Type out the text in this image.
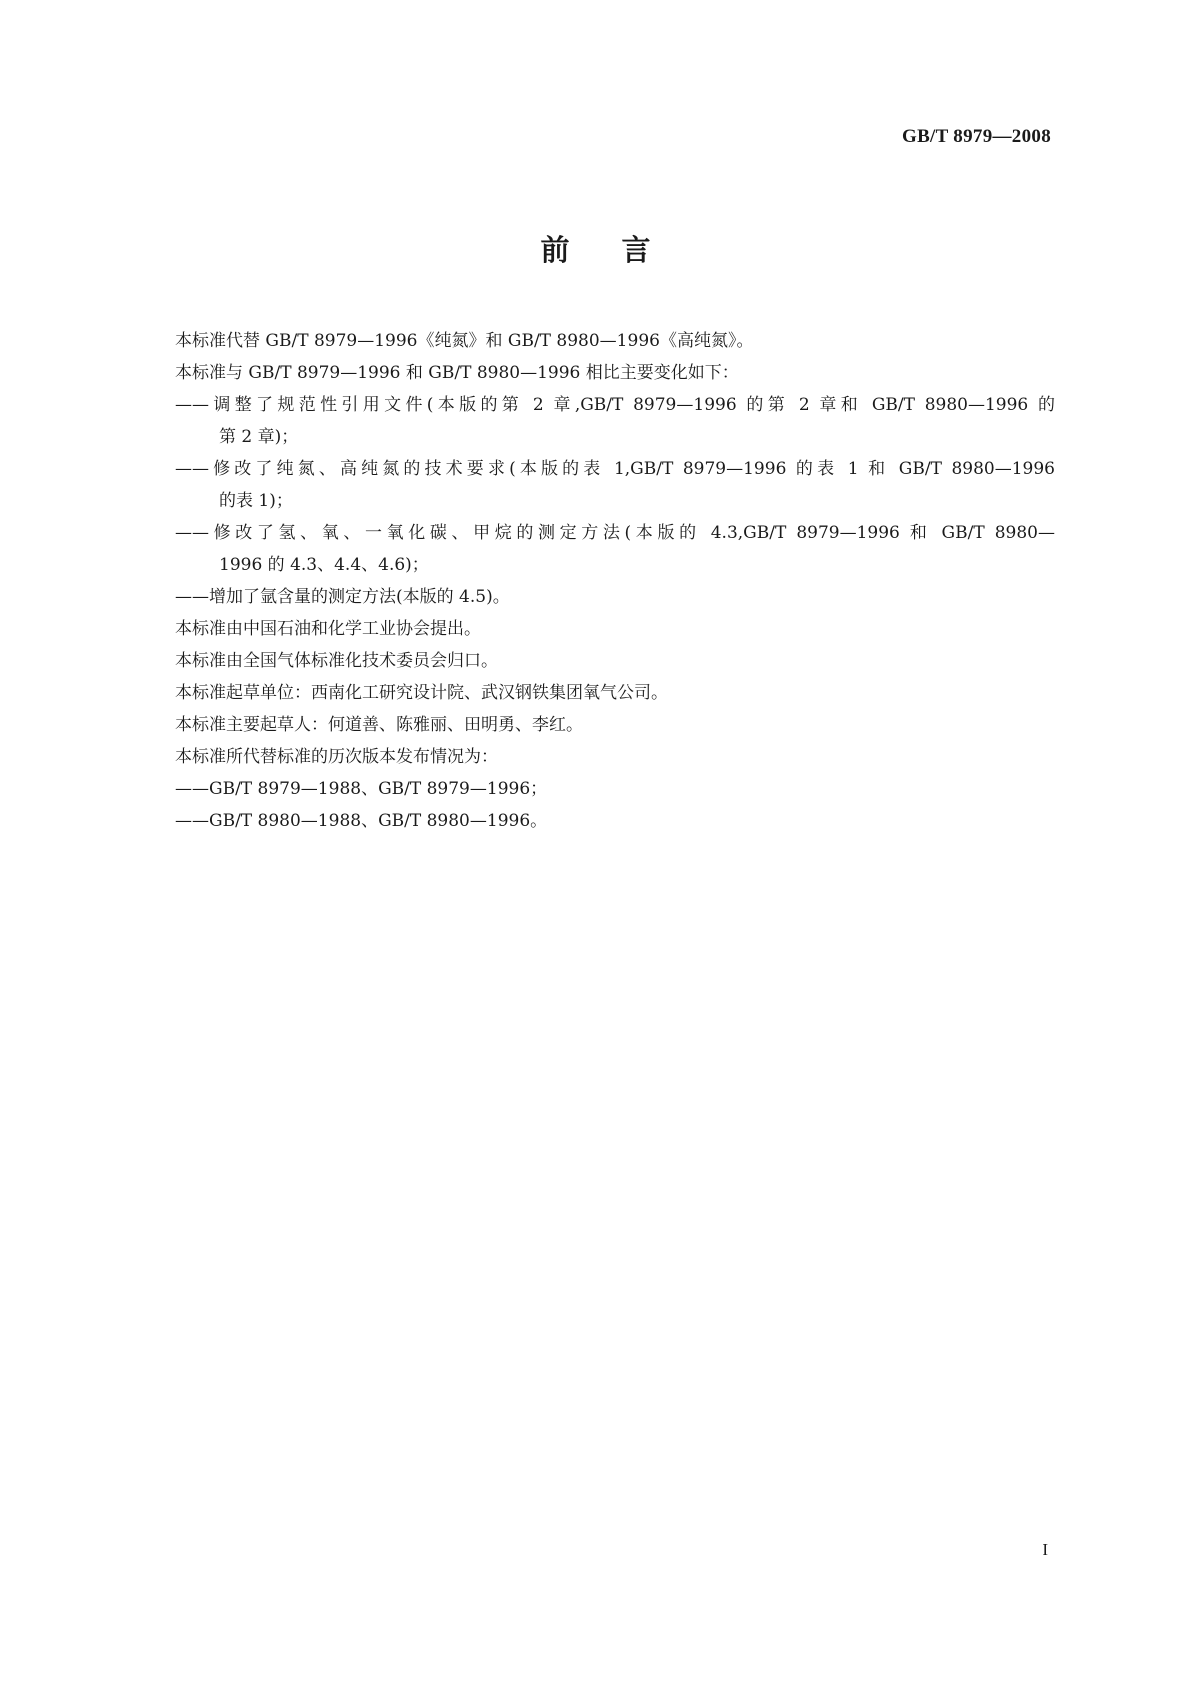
GB/T 8979—2008
前言

本标准代替 GB/T 8979—1996《纯氮》和 GB/T 8980—1996《高纯氮》。

本标准与 GB/T 8979—1996 和 GB/T 8980—1996 相比主要变化如下：

——调整了规范性引用文件(本版的第 2 章,GB/T 8979—1996 的第 2 章和 GB/T 8980—1996 的

第 2 章)；

——修改了纯氮、高纯氮的技术要求(本版的表 1,GB/T 8979—1996 的表 1 和 GB/T 8980—1996

的表 1)；

——修改了氢、氧、一氧化碳、甲烷的测定方法(本版的 4.3,GB/T 8979—1996 和 GB/T 8980—

1996 的 4.3、4.4、4.6)；

——增加了氩含量的测定方法(本版的 4.5)。

本标准由中国石油和化学工业协会提出。

本标准由全国气体标准化技术委员会归口。

本标准起草单位：西南化工研究设计院、武汉钢铁集团氧气公司。

本标准主要起草人：何道善、陈雅丽、田明勇、李红。

本标准所代替标准的历次版本发布情况为：

——GB/T 8979—1988、GB/T 8979—1996；

——GB/T 8980—1988、GB/T 8980—1996。

I
